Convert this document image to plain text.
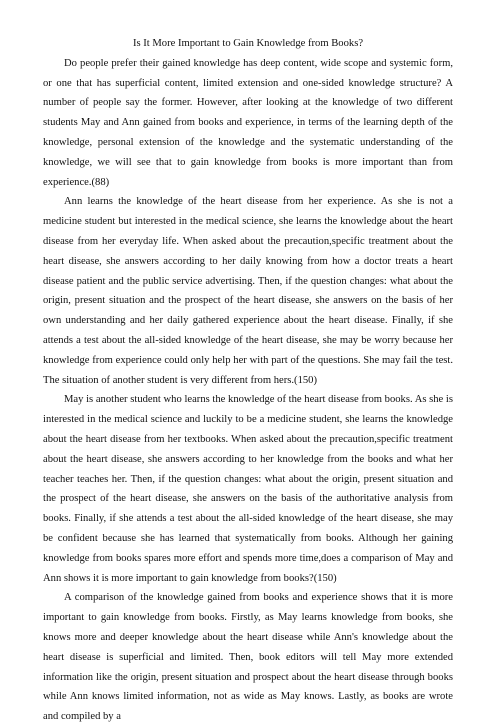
Is It More Important to Gain Knowledge from Books?

Do people prefer their gained knowledge has deep content, wide scope and systemic form, or one that has superficial content, limited extension and one-sided knowledge structure? A number of people say the former. However, after looking at the knowledge of two different students May and Ann gained from books and experience, in terms of the learning depth of the knowledge, personal extension of the knowledge and the systematic understanding of the knowledge, we will see that to gain knowledge from books is more important than from experience.(88)

Ann learns the knowledge of the heart disease from her experience. As she is not a medicine student but interested in the medical science, she learns the knowledge about the heart disease from her everyday life. When asked about the precaution,specific treatment about the heart disease, she answers according to her daily knowing from how a doctor treats a heart disease patient and the public service advertising. Then, if the question changes: what about the origin, present situation and the prospect of the heart disease, she answers on the basis of her own understanding and her daily gathered experience about the heart disease. Finally, if she attends a test about the all-sided knowledge of the heart disease, she may be worry because her knowledge from experience could only help her with part of the questions. She may fail the test. The situation of another student is very different from hers.(150)

May is another student who learns the knowledge of the heart disease from books. As she is interested in the medical science and luckily to be a medicine student, she learns the knowledge about the heart disease from her textbooks. When asked about the precaution,specific treatment about the heart disease, she answers according to her knowledge from the books and what her teacher teaches her. Then, if the question changes: what about the origin, present situation and the prospect of the heart disease, she answers on the basis of the authoritative analysis from books. Finally, if she attends a test about the all-sided knowledge of the heart disease, she may be confident because she has learned that systematically from books. Although her gaining knowledge from books spares more effort and spends more time,does a comparison of May and Ann shows it is more important to gain knowledge from books?(150)

A comparison of the knowledge gained from books and experience shows that it is more important to gain knowledge from books. Firstly, as May learns knowledge from books, she knows more and deeper knowledge about the heart disease while Ann's knowledge about the heart disease is superficial and limited. Then, book editors will tell May more extended information like the origin, present situation and prospect about the heart disease through books while Ann knows limited information, not as wide as May knows. Lastly, as books are wrote and compiled by a
